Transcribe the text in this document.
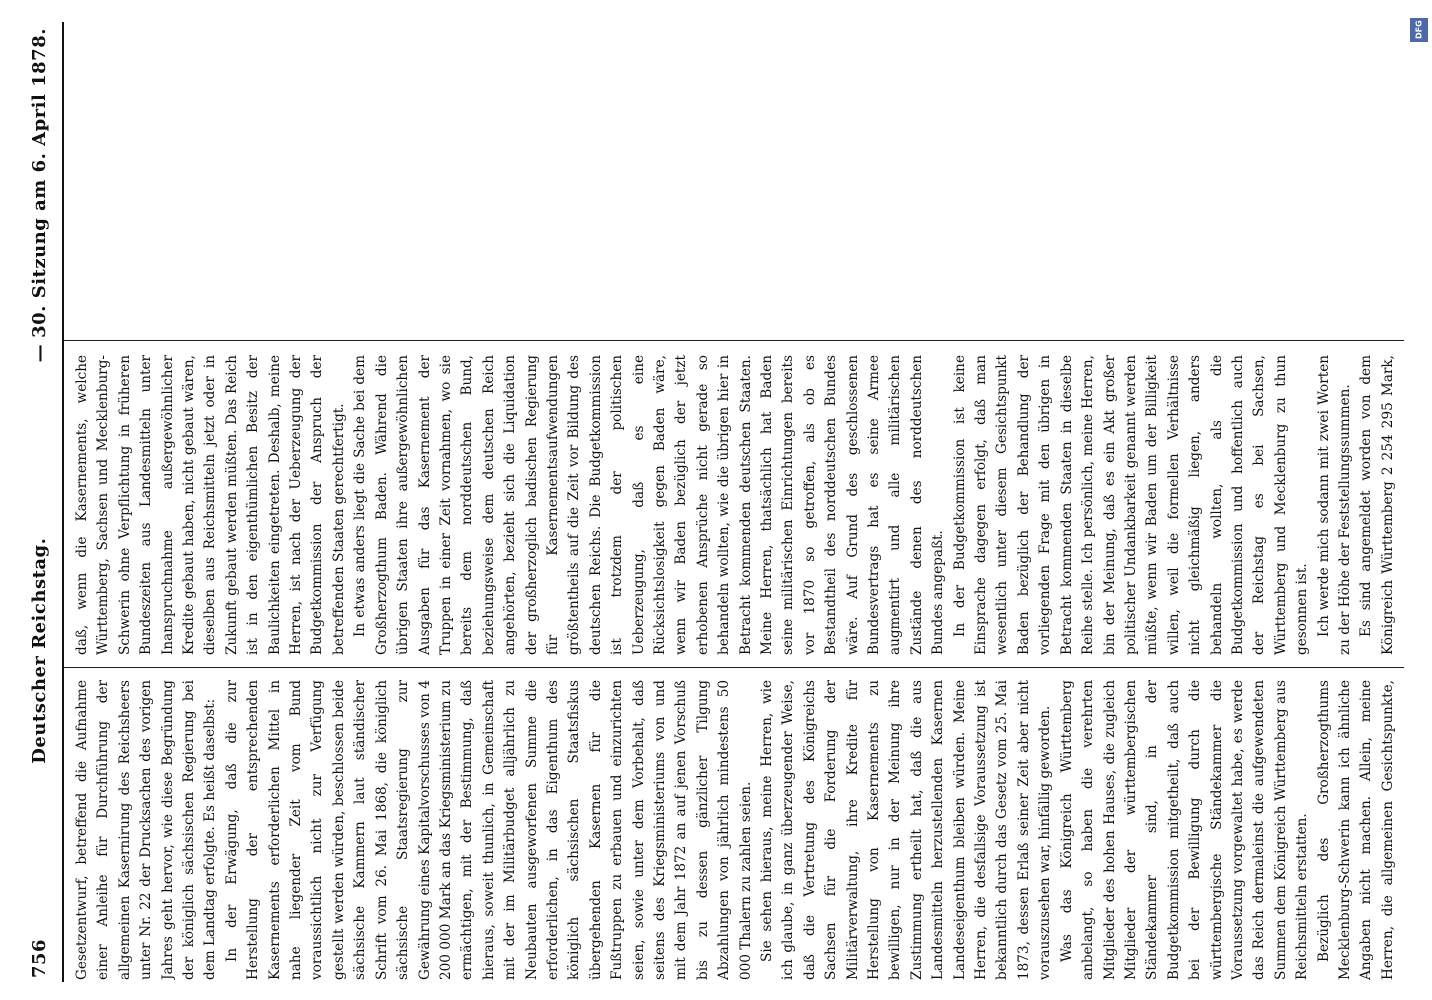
756
Deutscher Reichstag.
—
30. Sitzung am 6. April 1878.

Gesetzentwurf, betreffend die Aufnahme einer Anleihe für Durchführung der allgemeinen Kasernirung des Reichsheers unter Nr. 22 der Drucksachen des vorigen Jahres geht hervor, wie diese Begründung der königlich sächsischen Regierung bei dem Landtag erfolgte. Es heißt daselbst: In der Erwägung, daß die zur Herstellung der entsprechenden Kasernements erforderlichen Mittel in nahe liegender Zeit vom Bund voraussichtlich nicht zur Verfügung gestellt werden würden, beschlossen beide sächsische Kammern laut ständischer Schrift vom 26. Mai 1868, die königlich sächsische Staatsregierung zur Gewährung eines Kapitalvorschusses von 4 200 000 Mark an das Kriegsministerium zu ermächtigen, mit der Bestimmung, daß hieraus, soweit thunlich, in Gemeinschaft mit der im Militärbudget alljährlich zu Neubauten ausgeworfenen Summe die erforderlichen, in das Eigenthum des königlich sächsischen Staatsfiskus übergehenden Kasernen für die Fußtruppen zu erbauen und einzurichten seien, sowie unter dem Vorbehalt, daß seitens des Kriegsministeriums von und mit dem Jahr 1872 an auf jenen Vorschuß bis zu dessen gänzlicher Tilgung Abzahlungen von jährlich mindestens 50 000 Thalern zu zahlen seien. Sie sehen hieraus, meine Herren, wie ich glaube, in ganz überzeugender Weise, daß die Vertretung des Königreichs Sachsen für die Forderung der Militärverwaltung, ihre Kredite für Herstellung von Kasernements zu bewilligen, nur in der Meinung ihre Zustimmung ertheilt hat, daß die aus Landesmitteln herzustellenden Kasernen Landeseigenthum bleiben würden. Meine Herren, die desfallsige Voraussetzung ist bekanntlich durch das Gesetz vom 25. Mai 1873, dessen Erlaß seiner Zeit aber nicht vorauszusehen war, hinfällig geworden. Was das Königreich Württemberg anbelangt, so haben die verehrten Mitglieder des hohen Hauses, die zugleich Mitglieder der württembergischen Ständekammer sind, in der Budgetkommission mitgetheilt, daß auch bei der Bewilligung durch die württembergische Ständekammer die Voraussetzung vorgewaltet habe, es werde das Reich dermaleinst die aufgewendeten Summen dem Königreich Württemberg aus Reichsmitteln erstatten. Bezüglich des Großherzogthums Mecklenburg-Schwerin kann ich ähnliche Angaben nicht machen. Allein, meine Herren, die allgemeinen Gesichtspunkte,

daß, wenn die Kasernements, welche Württemberg, Sachsen und Mecklenburg-Schwerin ohne Verpflichtung in früheren Bundeszeiten aus Landesmitteln unter Inanspruchnahme außergewöhnlicher Kredite gebaut haben, nicht gebaut wären, dieselben aus Reichsmitteln jetzt oder in Zukunft gebaut werden müßten. Das Reich ist in den eigenthümlichen Besitz der Baulichkeiten eingetreten. Deshalb, meine Herren, ist nach der Ueberzeugung der Budgetkommission der Anspruch der betreffenden Staaten gerechtfertigt. In etwas anders liegt die Sache bei dem Großherzogthum Baden. Während die übrigen Staaten ihre außergewöhnlichen Ausgaben für das Kasernement der Truppen in einer Zeit vornahmen, wo sie bereits dem norddeutschen Bund, beziehungsweise dem deutschen Reich angehörten, bezieht sich die Liquidation der großherzoglich badischen Regierung für Kasernementsaufwendungen größtentheils auf die Zeit vor Bildung des deutschen Reichs. Die Budgetkommission ist trotzdem der politischen Ueberzeugung, daß es eine Rücksichtslosigkeit gegen Baden wäre, wenn wir Baden bezüglich der jetzt erhobenen Ansprüche nicht gerade so behandeln wollten, wie die übrigen hier in Betracht kommenden deutschen Staaten. Meine Herren, thatsächlich hat Baden seine militärischen Einrichtungen bereits vor 1870 so getroffen, als ob es Bestandtheil des norddeutschen Bundes wäre. Auf Grund des geschlossenen Bundesvertrags hat es seine Armee augmentirt und alle militärischen Zustände denen des norddeutschen Bundes angepaßt. In der Budgetkommission ist keine Einsprache dagegen erfolgt, daß man wesentlich unter diesem Gesichtspunkt Baden bezüglich der Behandlung der vorliegenden Frage mit den übrigen in Betracht kommenden Staaten in dieselbe Reihe stelle. Ich persönlich, meine Herren, bin der Meinung, daß es ein Akt großer politischer Undankbarkeit genannt werden müßte, wenn wir Baden um der Billigkeit willen, weil die formellen Verhältnisse nicht gleichmäßig liegen, anders behandeln wollten, als die Budgetkommission und hoffentlich auch der Reichstag es bei Sachsen, Württemberg und Mecklenburg zu thun gesonnen ist. Ich werde mich sodann mit zwei Worten zu der Höhe der Feststellungssummen. Es sind angemeldet worden von dem Königreich Württemberg 2 254 295 Mark,

DFG
